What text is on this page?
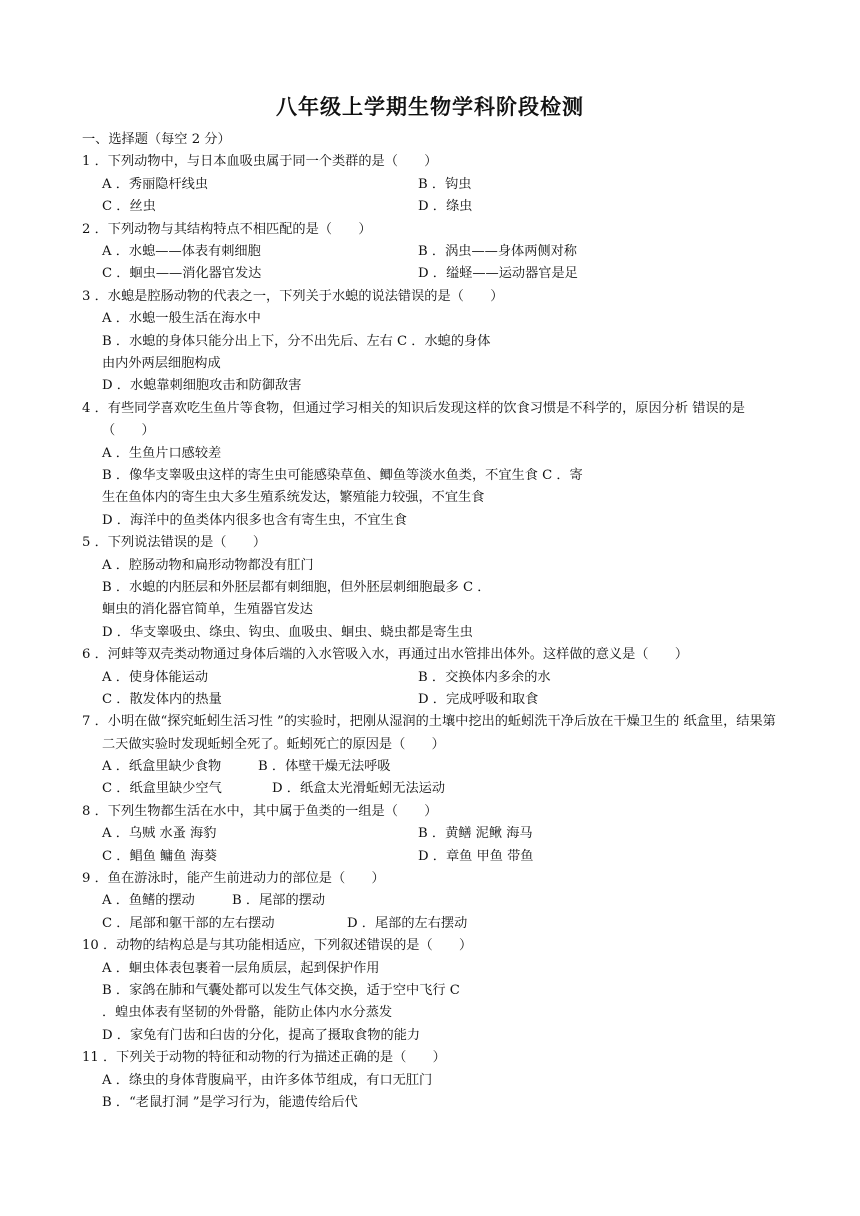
八年级上学期生物学科阶段检测
一、选择题（每空 2 分）
1 ．下列动物中，与日本血吸虫属于同一个类群的是（　　）
A ．秀丽隐杆线虫	B ．钩虫
C ．丝虫	D ．绦虫
2 ．下列动物与其结构特点不相匹配的是（　　）
A ．水螅——体表有刺细胞	B ．涡虫——身体两侧对称
C ．蛔虫——消化器官发达	D ．缢蛏——运动器官是足
3 ．水螅是腔肠动物的代表之一，下列关于水螅的说法错误的是（　　）
A ．水螅一般生活在海水中
B ．水螅的身体只能分出上下，分不出先后、左右 C ．水螅的身体由内外两层细胞构成
D ．水螅靠刺细胞攻击和防御敌害
4 ．有些同学喜欢吃生鱼片等食物，但通过学习相关的知识后发现这样的饮食习惯是不科学的，原因分析 错误的是（　　）
A ．生鱼片口感较差
B ．像华支睾吸虫这样的寄生虫可能感染草鱼、鲫鱼等淡水鱼类，不宜生食 C ．寄生在鱼体内的寄生虫大多生殖系统发达，繁殖能力较强，不宜生食
D ．海洋中的鱼类体内很多也含有寄生虫，不宜生食
5 ．下列说法错误的是（　　）
A ．腔肠动物和扁形动物都没有肛门
B ．水螅的内胚层和外胚层都有刺细胞，但外胚层刺细胞最多 C ．蛔虫的消化器官简单，生殖器官发达
D ．华支睾吸虫、绦虫、钩虫、血吸虫、蛔虫、蛲虫都是寄生虫
6 ．河蚌等双壳类动物通过身体后端的入水管吸入水，再通过出水管排出体外。这样做的意义是（　　）
A ．使身体能运动	B ．交换体内多余的水
C ．散发体内的热量	D ．完成呼吸和取食
7 ．小明在做“探究蚯蚓生活习性 ”的实验时，把刚从湿润的土壤中挖出的蚯蚓洗干净后放在干燥卫生的 纸盒里，结果第二天做实验时发现蚯蚓全死了。蚯蚓死亡的原因是（　　）
A ．纸盒里缺少食物	B ．体壁干燥无法呼吸
C ．纸盒里缺少空气	D ．纸盒太光滑蚯蚓无法运动
8 ．下列生物都生活在水中，其中属于鱼类的一组是（　　）
A ．乌贼 水蚤 海豹	B ．黄鳝 泥鳅 海马
C ．鲳鱼 鳙鱼 海葵	D ．章鱼 甲鱼 带鱼
9 ．鱼在游泳时，能产生前进动力的部位是（　　）
A ．鱼鳍的摆动	B ．尾部的摆动
C ．尾部和躯干部的左右摆动	D ．尾部的左右摆动
10 ．动物的结构总是与其功能相适应，下列叙述错误的是（　　）
A ．蛔虫体表包裹着一层角质层，起到保护作用
B ．家鸽在肺和气囊处都可以发生气体交换，适于空中飞行 C ．蝗虫体表有坚韧的外骨骼，能防止体内水分蒸发
D ．家兔有门齿和臼齿的分化，提高了摄取食物的能力
11 ．下列关于动物的特征和动物的行为描述正确的是（　　）
A ．绦虫的身体背腹扁平，由许多体节组成，有口无肛门
B ．“老鼠打洞 ”是学习行为，能遗传给后代
